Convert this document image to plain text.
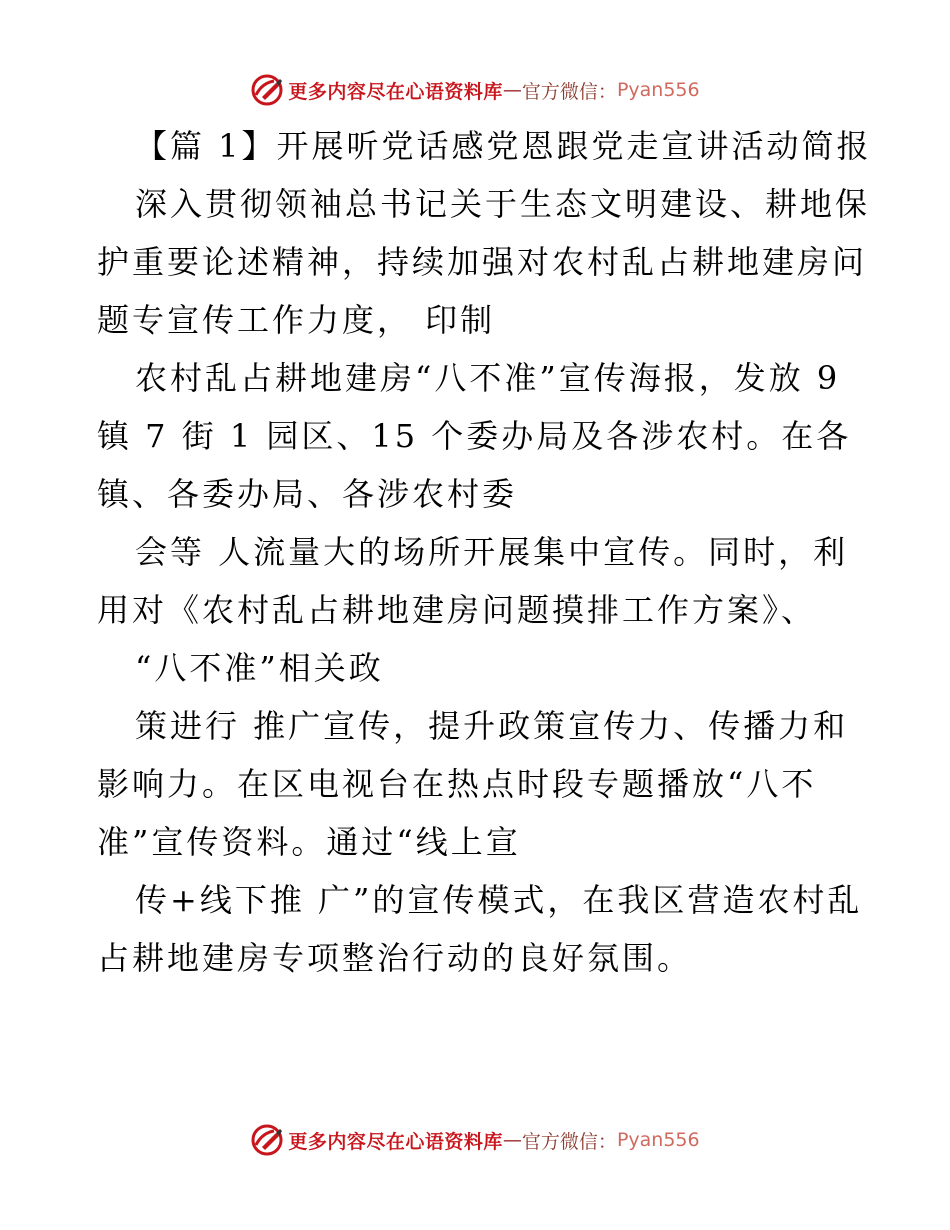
更多内容尽在心语资料库 — 官方微信： Pyan556
【篇 1】开展听党话感党恩跟党走宣讲活动简报
深入贯彻领袖总书记关于生态文明建设、耕地保
护重要论述精神，持续加强对农村乱占耕地建房问
题专宣传工作力度， 印制
农村乱占耕地建房“八不准”宣传海报，发放 9
镇 7 街 1 园区、15 个委办局及各涉农村。在各
镇、各委办局、各涉农村委
会等 人流量大的场所开展集中宣传。同时，利
用对《农村乱占耕地建房问题摸排工作方案》、
“八不准”相关政
策进行 推广宣传，提升政策宣传力、传播力和
影响力。在区电视台在热点时段专题播放“八不
准”宣传资料。通过“线上宣
传+线下推 广”的宣传模式，在我区营造农村乱
占耕地建房专项整治行动的良好氛围。
更多内容尽在心语资料库 — 官方微信： Pyan556
